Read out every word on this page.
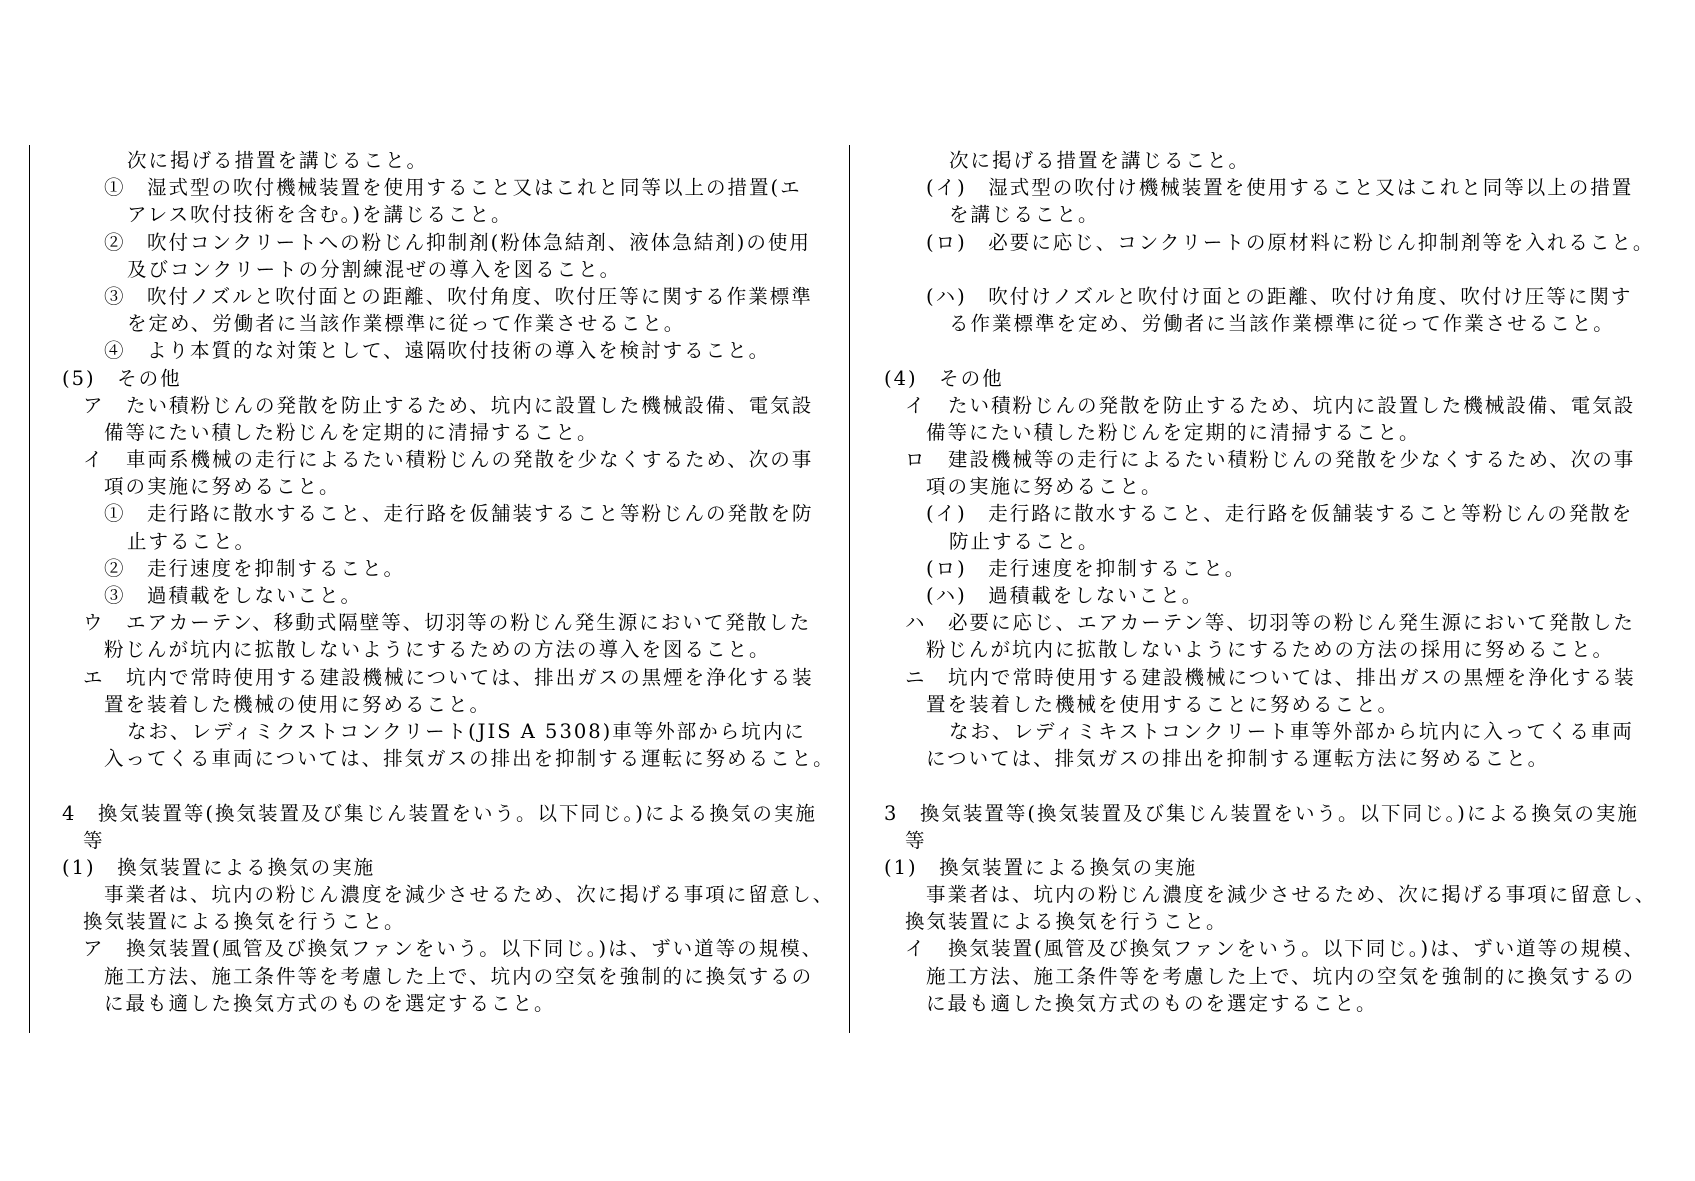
次に掲げる措置を講じること。
①　湿式型の吹付機械装置を使用すること又はこれと同等以上の措置(エ
アレス吹付技術を含む。)を講じること。
②　吹付コンクリートへの粉じん抑制剤(粉体急結剤、液体急結剤)の使用
及びコンクリートの分割練混ぜの導入を図ること。
③　吹付ノズルと吹付面との距離、吹付角度、吹付圧等に関する作業標準
を定め、労働者に当該作業標準に従って作業させること。
④　より本質的な対策として、遠隔吹付技術の導入を検討すること。
(5)　その他
ア　たい積粉じんの発散を防止するため、坑内に設置した機械設備、電気設
備等にたい積した粉じんを定期的に清掃すること。
イ　車両系機械の走行によるたい積粉じんの発散を少なくするため、次の事
項の実施に努めること。
①　走行路に散水すること、走行路を仮舗装すること等粉じんの発散を防
止すること。
②　走行速度を抑制すること。
③　過積載をしないこと。
ウ　エアカーテン、移動式隔壁等、切羽等の粉じん発生源において発散した
粉じんが坑内に拡散しないようにするための方法の導入を図ること。
エ　坑内で常時使用する建設機械については、排出ガスの黒煙を浄化する装
置を装着した機械の使用に努めること。
なお、レディミクストコンクリート(JIS A 5308)車等外部から坑内に
入ってくる車両については、排気ガスの排出を抑制する運転に努めること。
4　換気装置等(換気装置及び集じん装置をいう。以下同じ。)による換気の実施
等
(1)　換気装置による換気の実施
事業者は、坑内の粉じん濃度を減少させるため、次に掲げる事項に留意し、
換気装置による換気を行うこと。
ア　換気装置(風管及び換気ファンをいう。以下同じ。)は、ずい道等の規模、
施工方法、施工条件等を考慮した上で、坑内の空気を強制的に換気するの
に最も適した換気方式のものを選定すること。
次に掲げる措置を講じること。
(イ)　湿式型の吹付け機械装置を使用すること又はこれと同等以上の措置
を講じること。
(ロ)　必要に応じ、コンクリートの原材料に粉じん抑制剤等を入れること。
(ハ)　吹付けノズルと吹付け面との距離、吹付け角度、吹付け圧等に関す
る作業標準を定め、労働者に当該作業標準に従って作業させること。
(4)　その他
イ　たい積粉じんの発散を防止するため、坑内に設置した機械設備、電気設
備等にたい積した粉じんを定期的に清掃すること。
ロ　建設機械等の走行によるたい積粉じんの発散を少なくするため、次の事
項の実施に努めること。
(イ)　走行路に散水すること、走行路を仮舗装すること等粉じんの発散を
防止すること。
(ロ)　走行速度を抑制すること。
(ハ)　過積載をしないこと。
ハ　必要に応じ、エアカーテン等、切羽等の粉じん発生源において発散した
粉じんが坑内に拡散しないようにするための方法の採用に努めること。
ニ　坑内で常時使用する建設機械については、排出ガスの黒煙を浄化する装
置を装着した機械を使用することに努めること。
なお、レディミキストコンクリート車等外部から坑内に入ってくる車両
については、排気ガスの排出を抑制する運転方法に努めること。
3　換気装置等(換気装置及び集じん装置をいう。以下同じ。)による換気の実施
等
(1)　換気装置による換気の実施
事業者は、坑内の粉じん濃度を減少させるため、次に掲げる事項に留意し、
換気装置による換気を行うこと。
イ　換気装置(風管及び換気ファンをいう。以下同じ。)は、ずい道等の規模、
施工方法、施工条件等を考慮した上で、坑内の空気を強制的に換気するの
に最も適した換気方式のものを選定すること。
